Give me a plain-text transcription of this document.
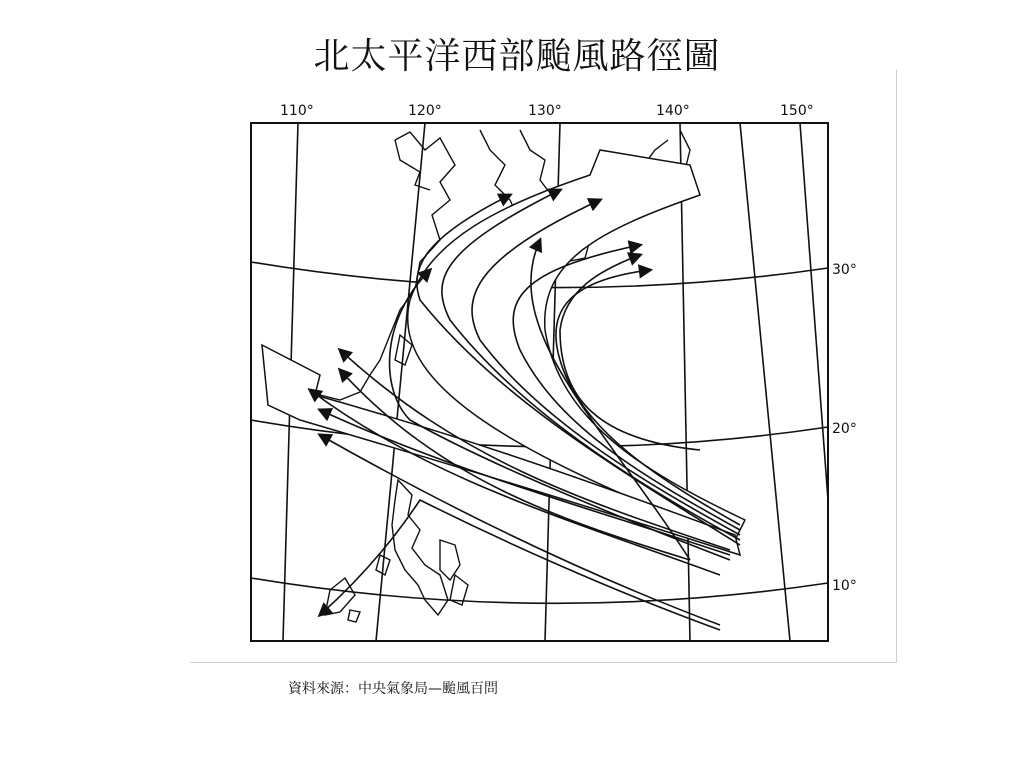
北太平洋西部颱風路徑圖
110°	120°	130°	140°	150°
30°
20°
10°
資料來源：中央氣象局—颱風百問
